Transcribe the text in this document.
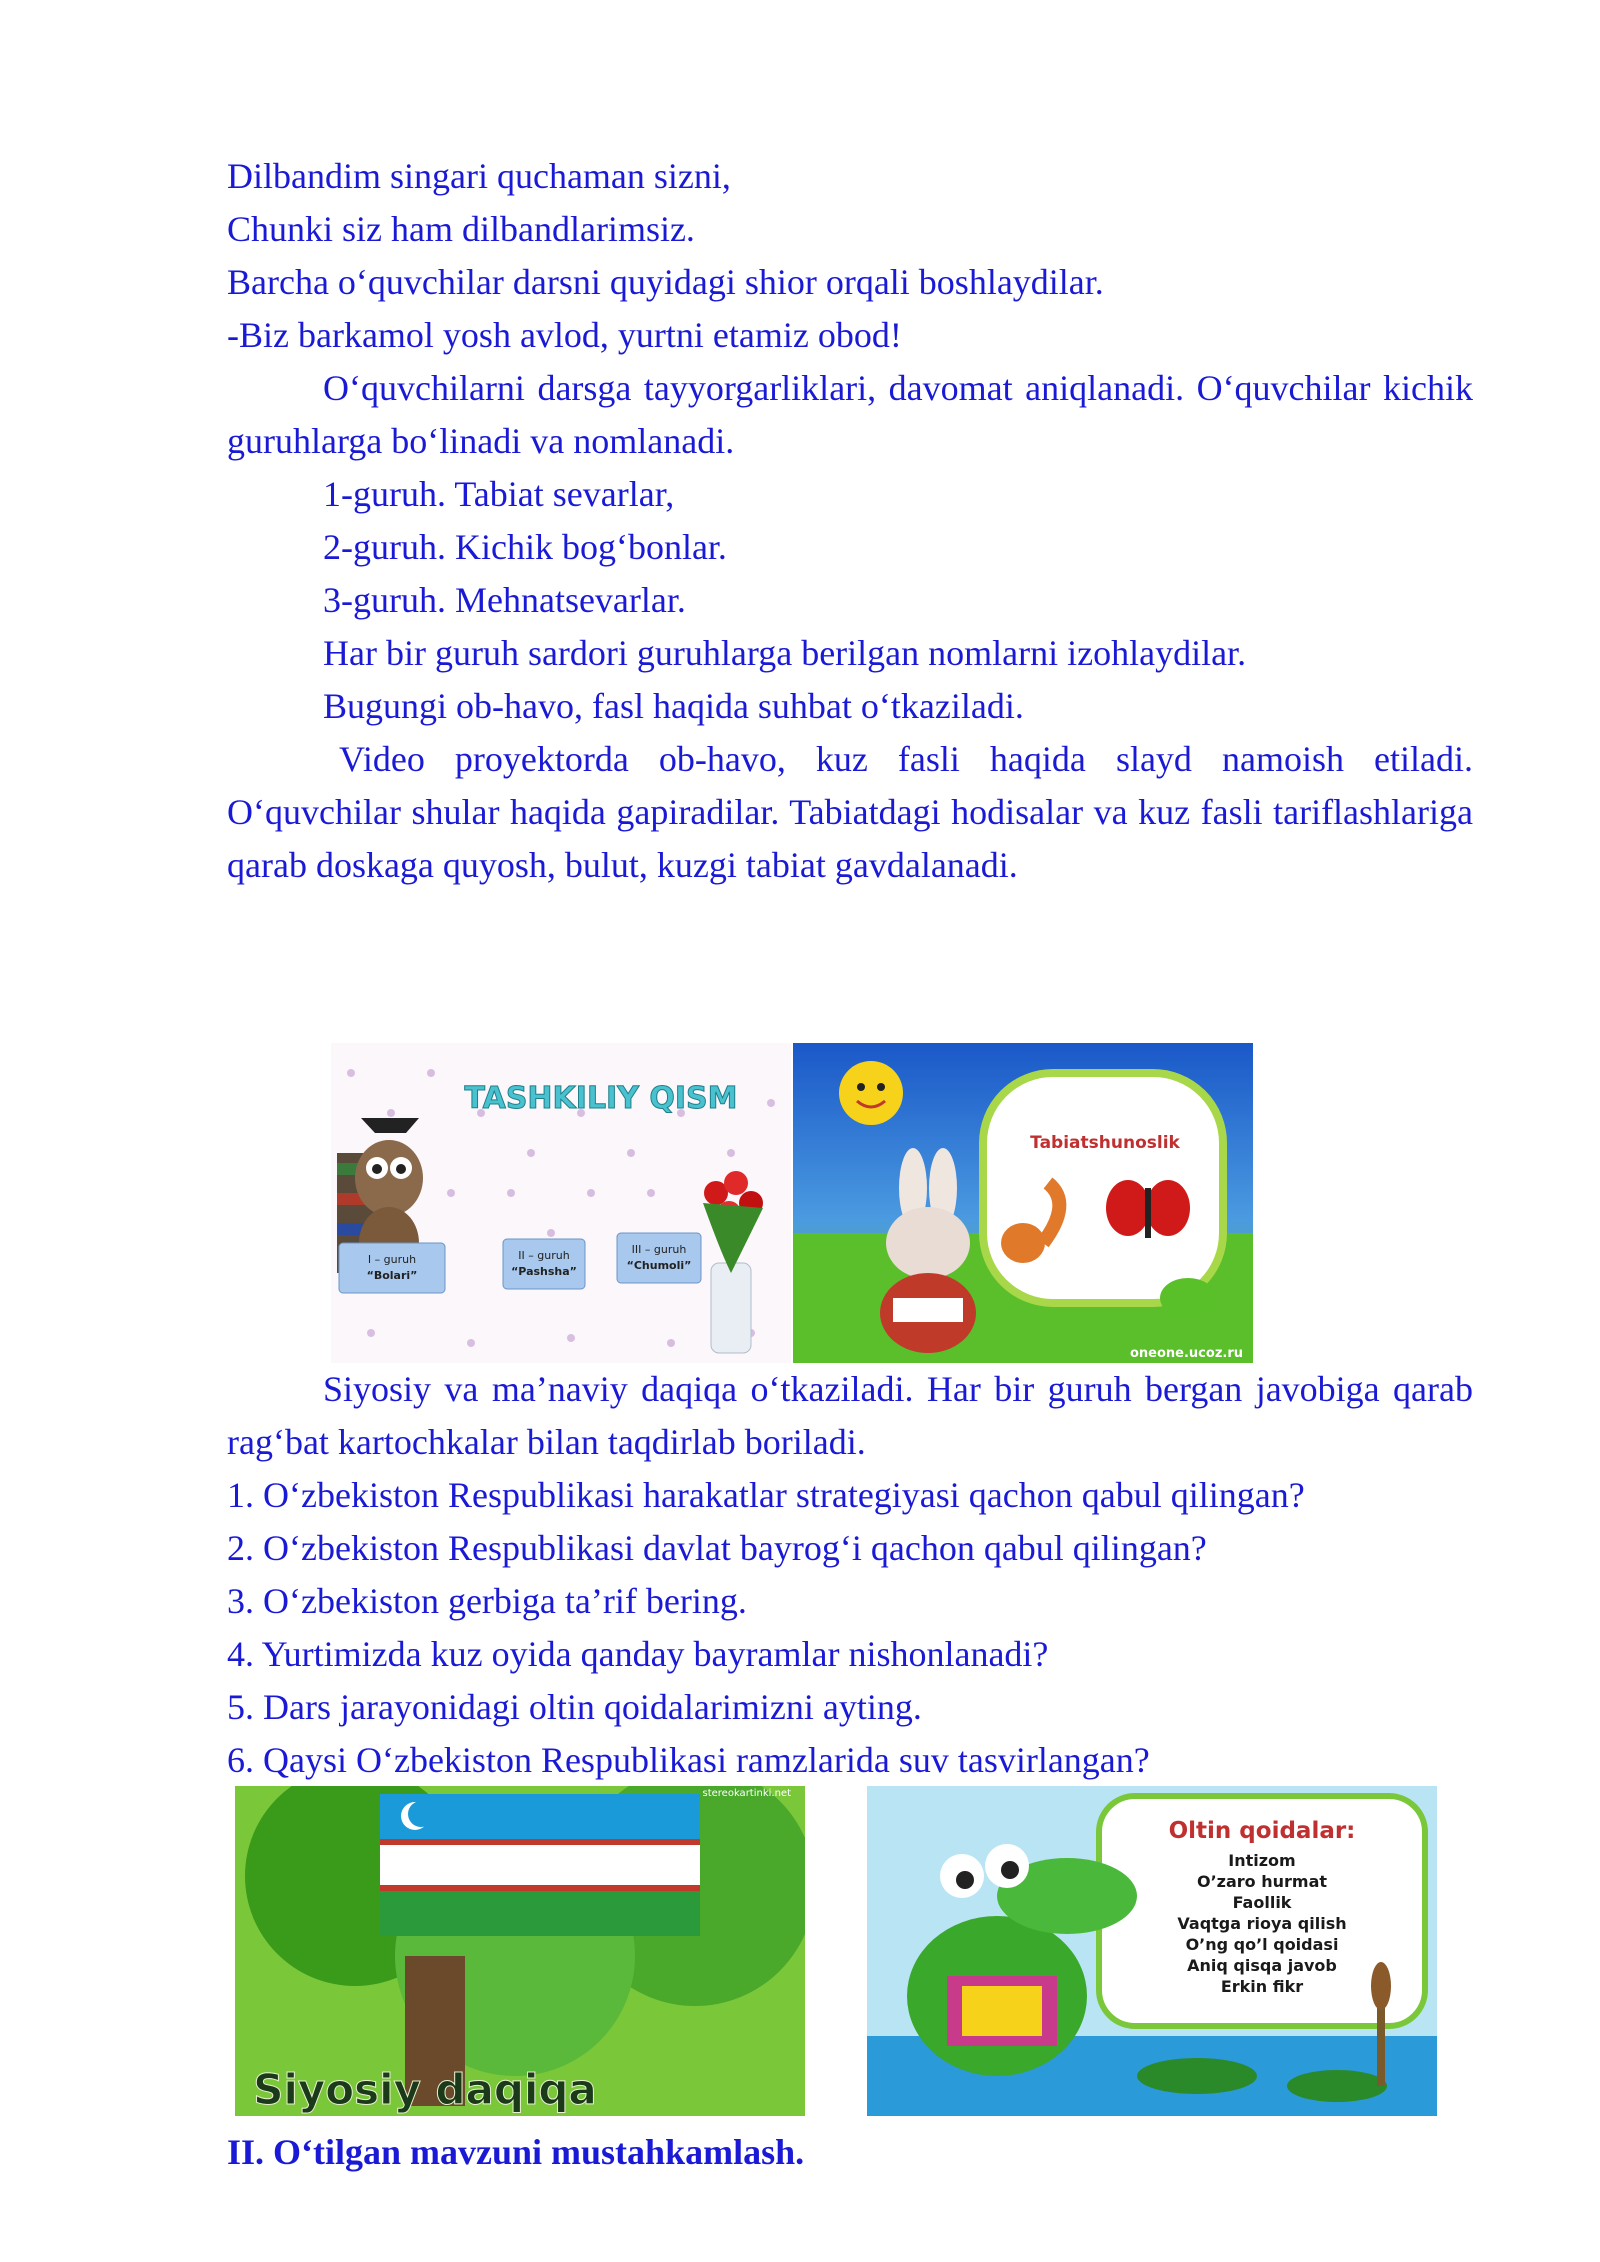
Dilbandim singari quchaman sizni,
Chunki siz ham dilbandlarimsiz.
Barcha o‘quvchilar darsni quyidagi shior orqali boshlaydilar.
-Biz barkamol yosh avlod, yurtni etamiz obod!
O‘quvchilarni darsga tayyorgarliklari, davomat aniqlanadi. O‘quvchilar kichik guruhlarga bo‘linadi va nomlanadi.
1-guruh. Tabiat sevarlar,
2-guruh. Kichik bog‘bonlar.
3-guruh. Mehnatsevarlar.
Har bir guruh sardori guruhlarga berilgan nomlarni izohlaydilar.
Bugungi ob-havo, fasl haqida suhbat o‘tkaziladi.
Video proyektorda ob-havo, kuz fasli haqida slayd namoish etiladi. O‘quvchilar shular haqida gapiradilar. Tabiatdagi hodisalar va kuz fasli tariflashlariga qarab doskaga quyosh, bulut, kuzgi tabiat gavdalanadi.
TASHKILIY QISM
I – guruh
“Bolari”
II – guruh
“Pashsha”
III – guruh
“Chumoli”
Tabiatshunoslik
oneone.ucoz.ru
Siyosiy va ma’naviy daqiqa o‘tkaziladi. Har bir guruh bergan javobiga qarab rag‘bat kartochkalar bilan taqdirlab boriladi.
1. O‘zbekiston Respublikasi harakatlar strategiyasi qachon qabul qilingan?
2. O‘zbekiston Respublikasi davlat bayrog‘i qachon qabul qilingan?
3. O‘zbekiston gerbiga ta’rif bering.
4. Yurtimizda kuz oyida qanday bayramlar nishonlanadi?
5. Dars jarayonidagi oltin qoidalarimizni ayting.
6. Qaysi O‘zbekiston Respublikasi ramzlarida suv tasvirlangan?
stereokartinki.net
Siyosiy daqiqa
Oltin qoidalar:
Intizom
O’zaro hurmat
Faollik
Vaqtga rioya qilish
O’ng qo’l qoidasi
Aniq qisqa javob
Erkin fikr
II. O‘tilgan mavzuni mustahkamlash.
